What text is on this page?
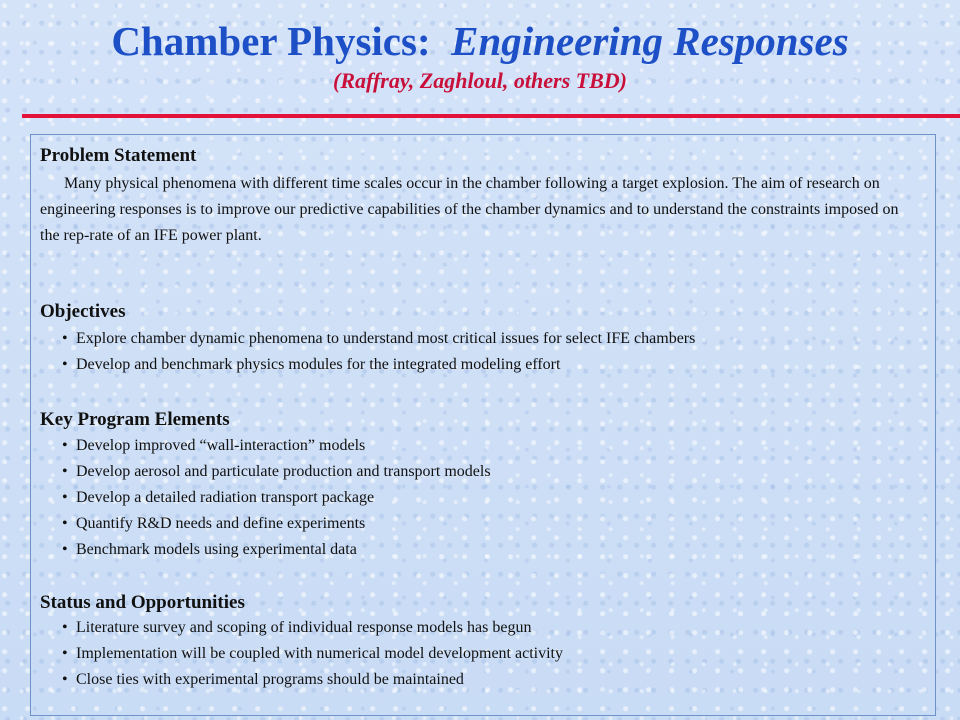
Chamber Physics: Engineering Responses
(Raffray, Zaghloul, others TBD)
Problem Statement
Many physical phenomena with different time scales occur in the chamber following a target explosion. The aim of research on engineering responses is to improve our predictive capabilities of the chamber dynamics and to understand the constraints imposed on the rep-rate of an IFE power plant.
Objectives
• Explore chamber dynamic phenomena to understand most critical issues for select IFE chambers
• Develop and benchmark physics modules for the integrated modeling effort
Key Program Elements
• Develop improved “wall-interaction” models
• Develop aerosol and particulate production and transport models
• Develop a detailed radiation transport package
• Quantify R&D needs and define experiments
• Benchmark models using experimental data
Status and Opportunities
• Literature survey and scoping of individual response models has begun
• Implementation will be coupled with numerical model development activity
• Close ties with experimental programs should be maintained
